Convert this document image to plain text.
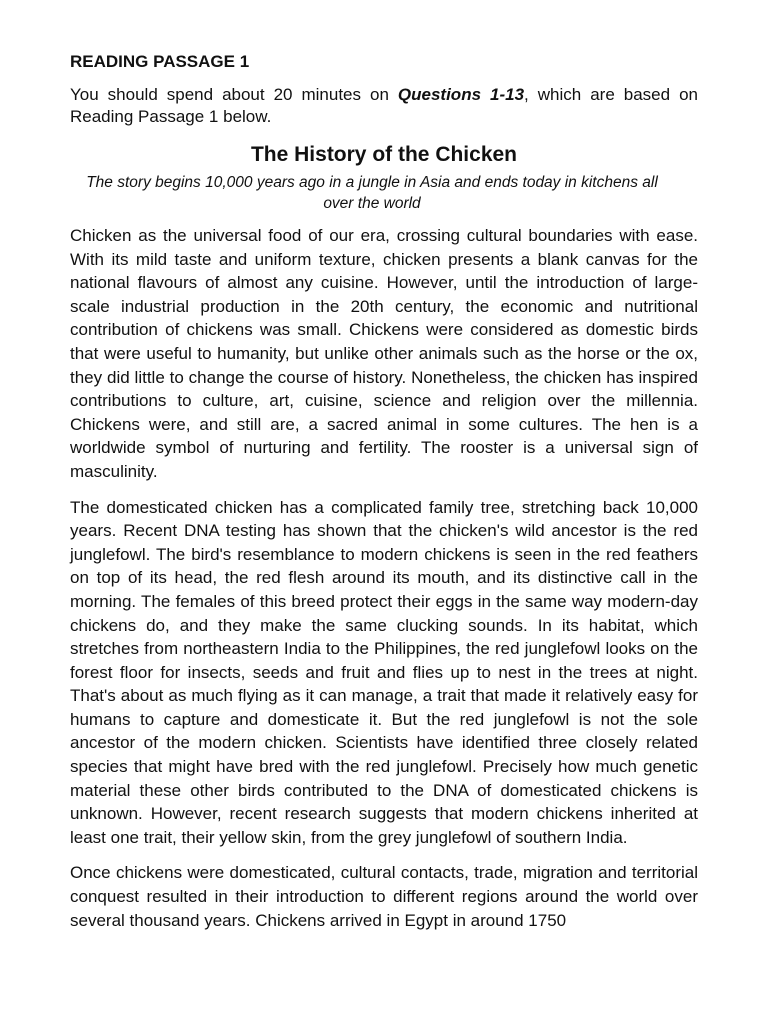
READING PASSAGE 1

You should spend about 20 minutes on Questions 1-13, which are based on Reading Passage 1 below.

The History of the Chicken
The story begins 10,000 years ago in a jungle in Asia and ends today in kitchens all over the world

Chicken as the universal food of our era, crossing cultural boundaries with ease. With its mild taste and uniform texture, chicken presents a blank canvas for the national flavours of almost any cuisine. However, until the introduction of large-scale industrial production in the 20th century, the economic and nutritional contribution of chickens was small. Chickens were considered as domestic birds that were useful to humanity, but unlike other animals such as the horse or the ox, they did little to change the course of history. Nonetheless, the chicken has inspired contributions to culture, art, cuisine, science and religion over the millennia. Chickens were, and still are, a sacred animal in some cultures. The hen is a worldwide symbol of nurturing and fertility. The rooster is a universal sign of masculinity.

The domesticated chicken has a complicated family tree, stretching back 10,000 years. Recent DNA testing has shown that the chicken's wild ancestor is the red junglefowl. The bird's resemblance to modern chickens is seen in the red feathers on top of its head, the red flesh around its mouth, and its distinctive call in the morning. The females of this breed protect their eggs in the same way modern-day chickens do, and they make the same clucking sounds. In its habitat, which stretches from northeastern India to the Philippines, the red junglefowl looks on the forest floor for insects, seeds and fruit and flies up to nest in the trees at night. That's about as much flying as it can manage, a trait that made it relatively easy for humans to capture and domesticate it. But the red junglefowl is not the sole ancestor of the modern chicken. Scientists have identified three closely related species that might have bred with the red junglefowl. Precisely how much genetic material these other birds contributed to the DNA of domesticated chickens is unknown. However, recent research suggests that modern chickens inherited at least one trait, their yellow skin, from the grey junglefowl of southern India.

Once chickens were domesticated, cultural contacts, trade, migration and territorial conquest resulted in their introduction to different regions around the world over several thousand years. Chickens arrived in Egypt in around 1750
